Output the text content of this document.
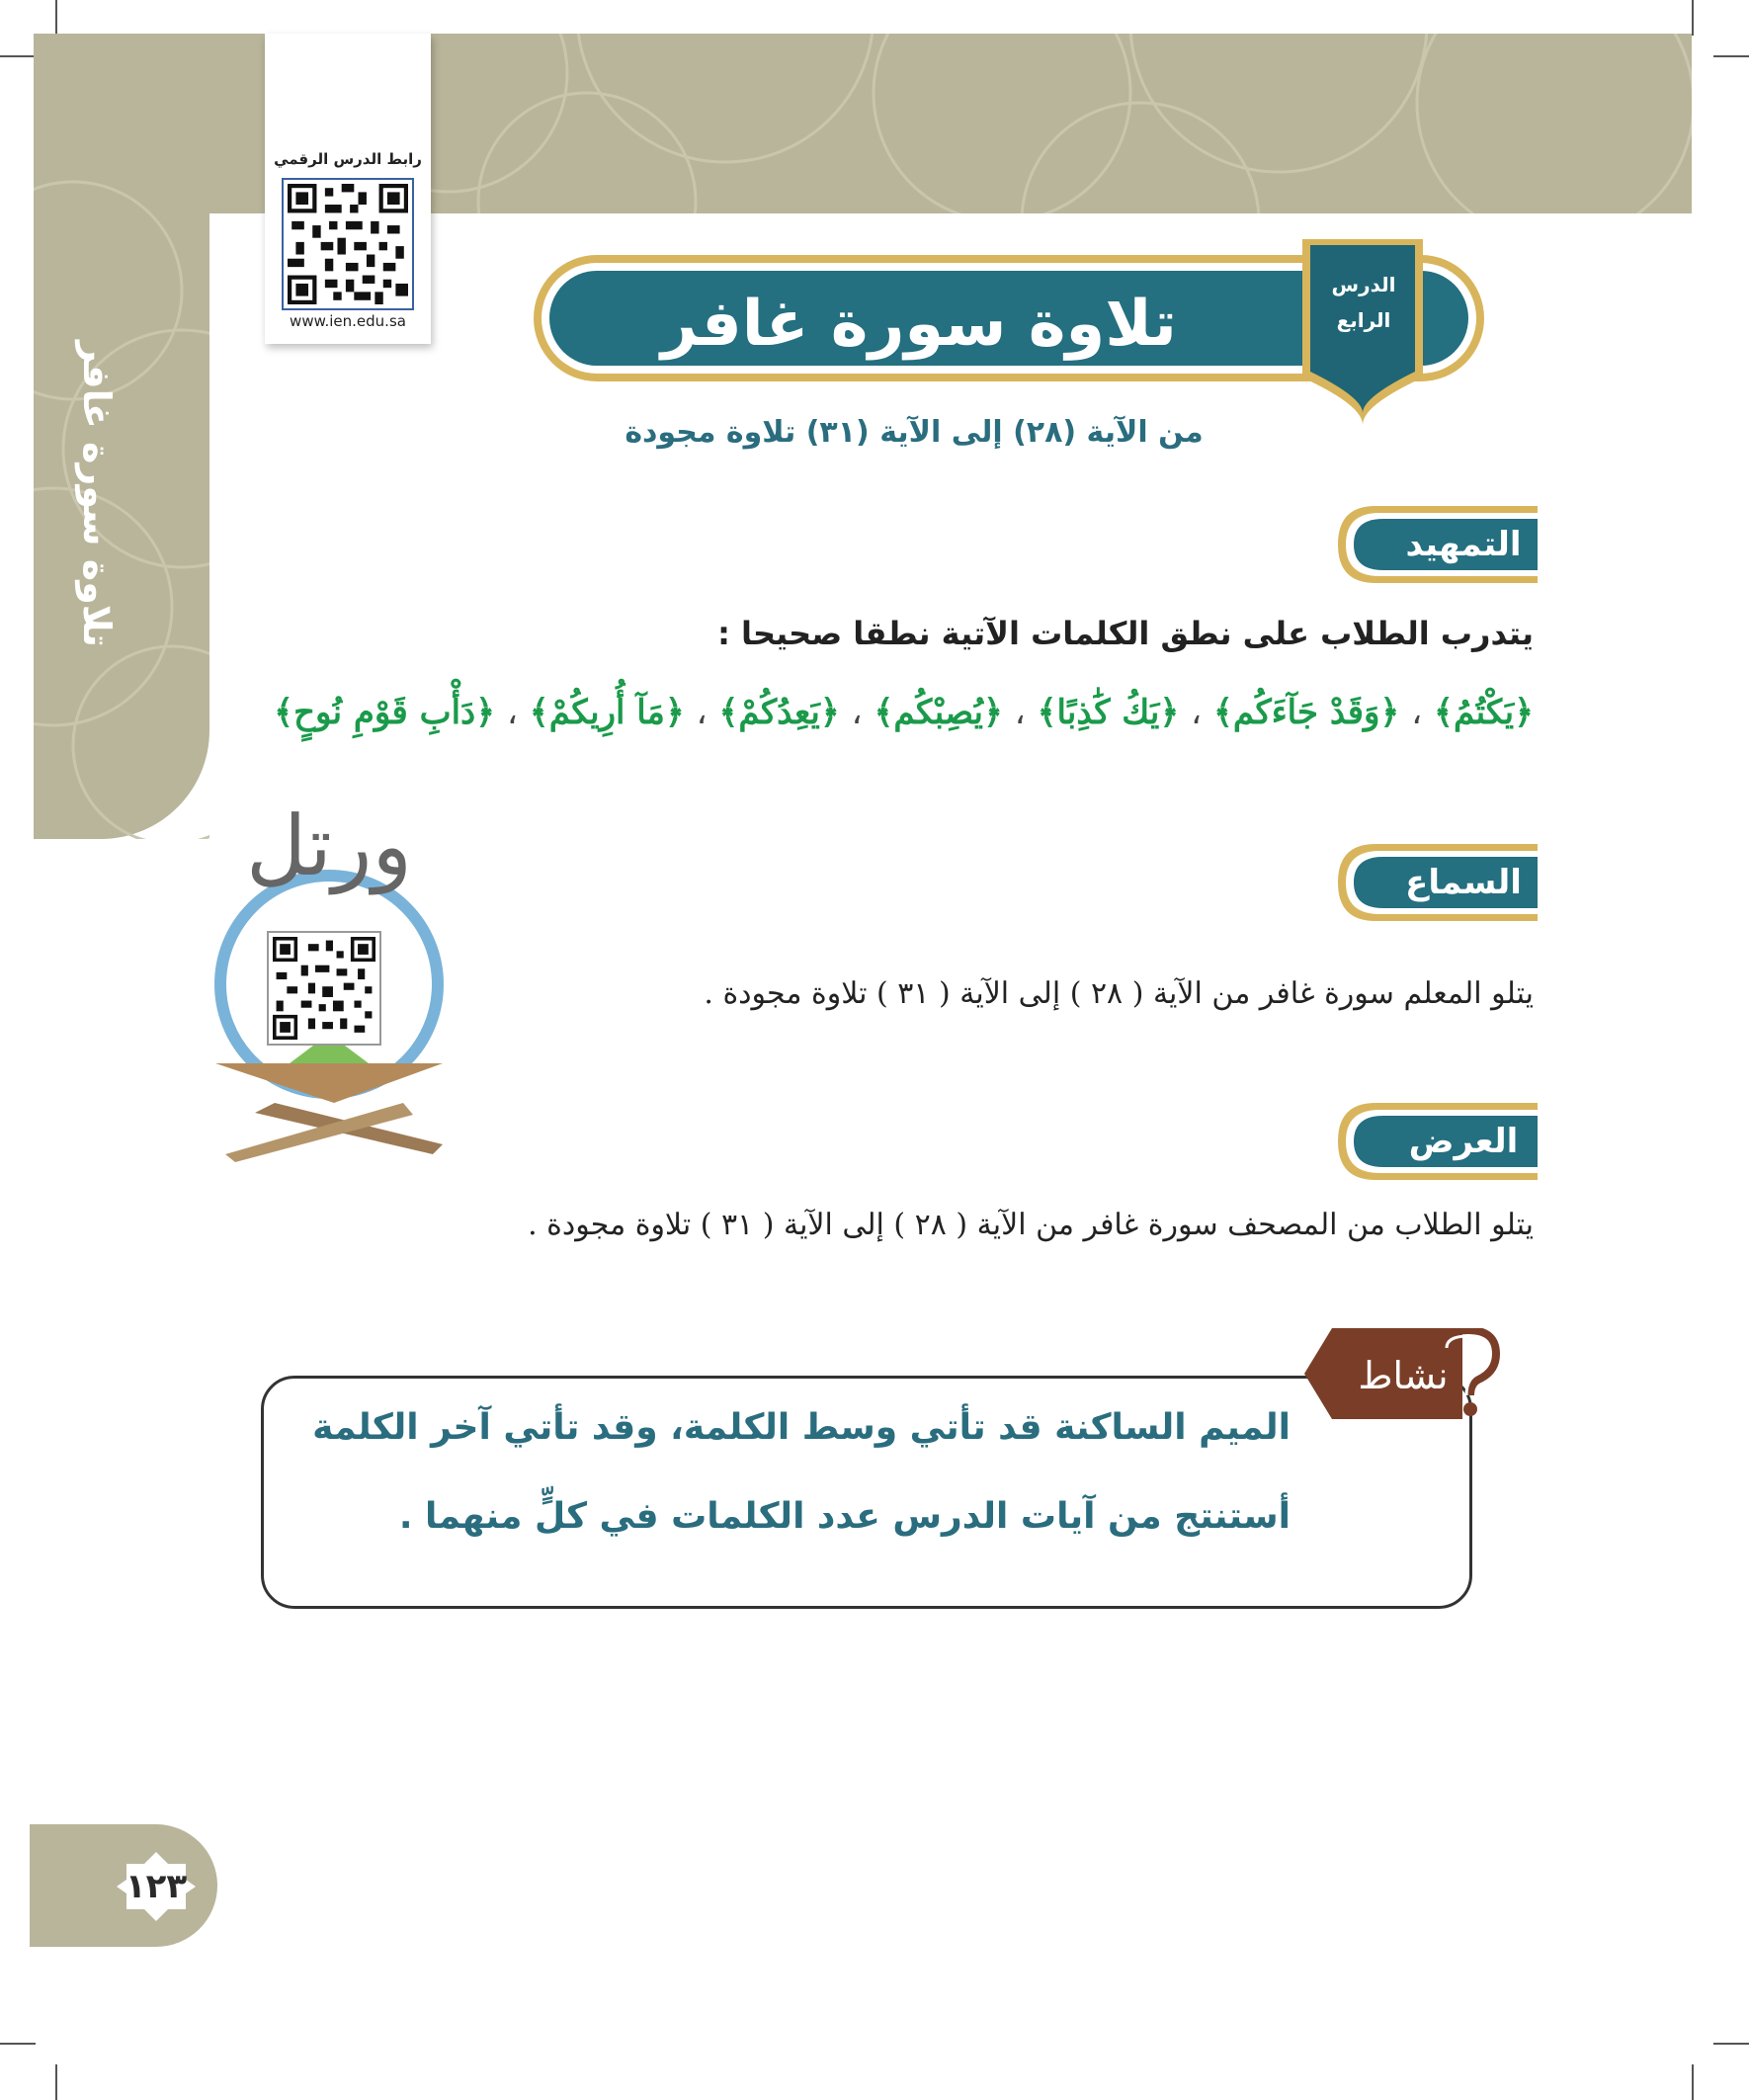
تلاوة سورة غافر
رابط الدرس الرقمي
www.ien.edu.sa	تلاوة سورة غافر
الدرس
الرابع
من الآية (٢٨) إلى الآية (٣١) تلاوة مجودة
التمهيد
يتدرب الطلاب على نطق الكلمات الآتية نطقا صحيحا :
﴿يَكْتُمُ﴾ ، ﴿وَقَدْ جَآءَكُم﴾ ، ﴿يَكُ كَٰذِبًا﴾ ، ﴿يُصِبْكُم﴾ ، ﴿يَعِدُكُمْ﴾ ، ﴿مَآ أُرِيكُمْ﴾ ، ﴿دَأْبِ قَوْمِ نُوحٍ﴾
ورتل	السماع
يتلو المعلم سورة غافر من الآية ( ٢٨ ) إلى الآية ( ٣١ ) تلاوة مجودة .
العرض
يتلو الطلاب من المصحف سورة غافر من الآية ( ٢٨ ) إلى الآية ( ٣١ ) تلاوة مجودة .
نشاط
الميم الساكنة قد تأتي وسط الكلمة، وقد تأتي آخر الكلمة
أستنتج من آيات الدرس عدد الكلمات في كلٍّ منهما .
١٢٣
